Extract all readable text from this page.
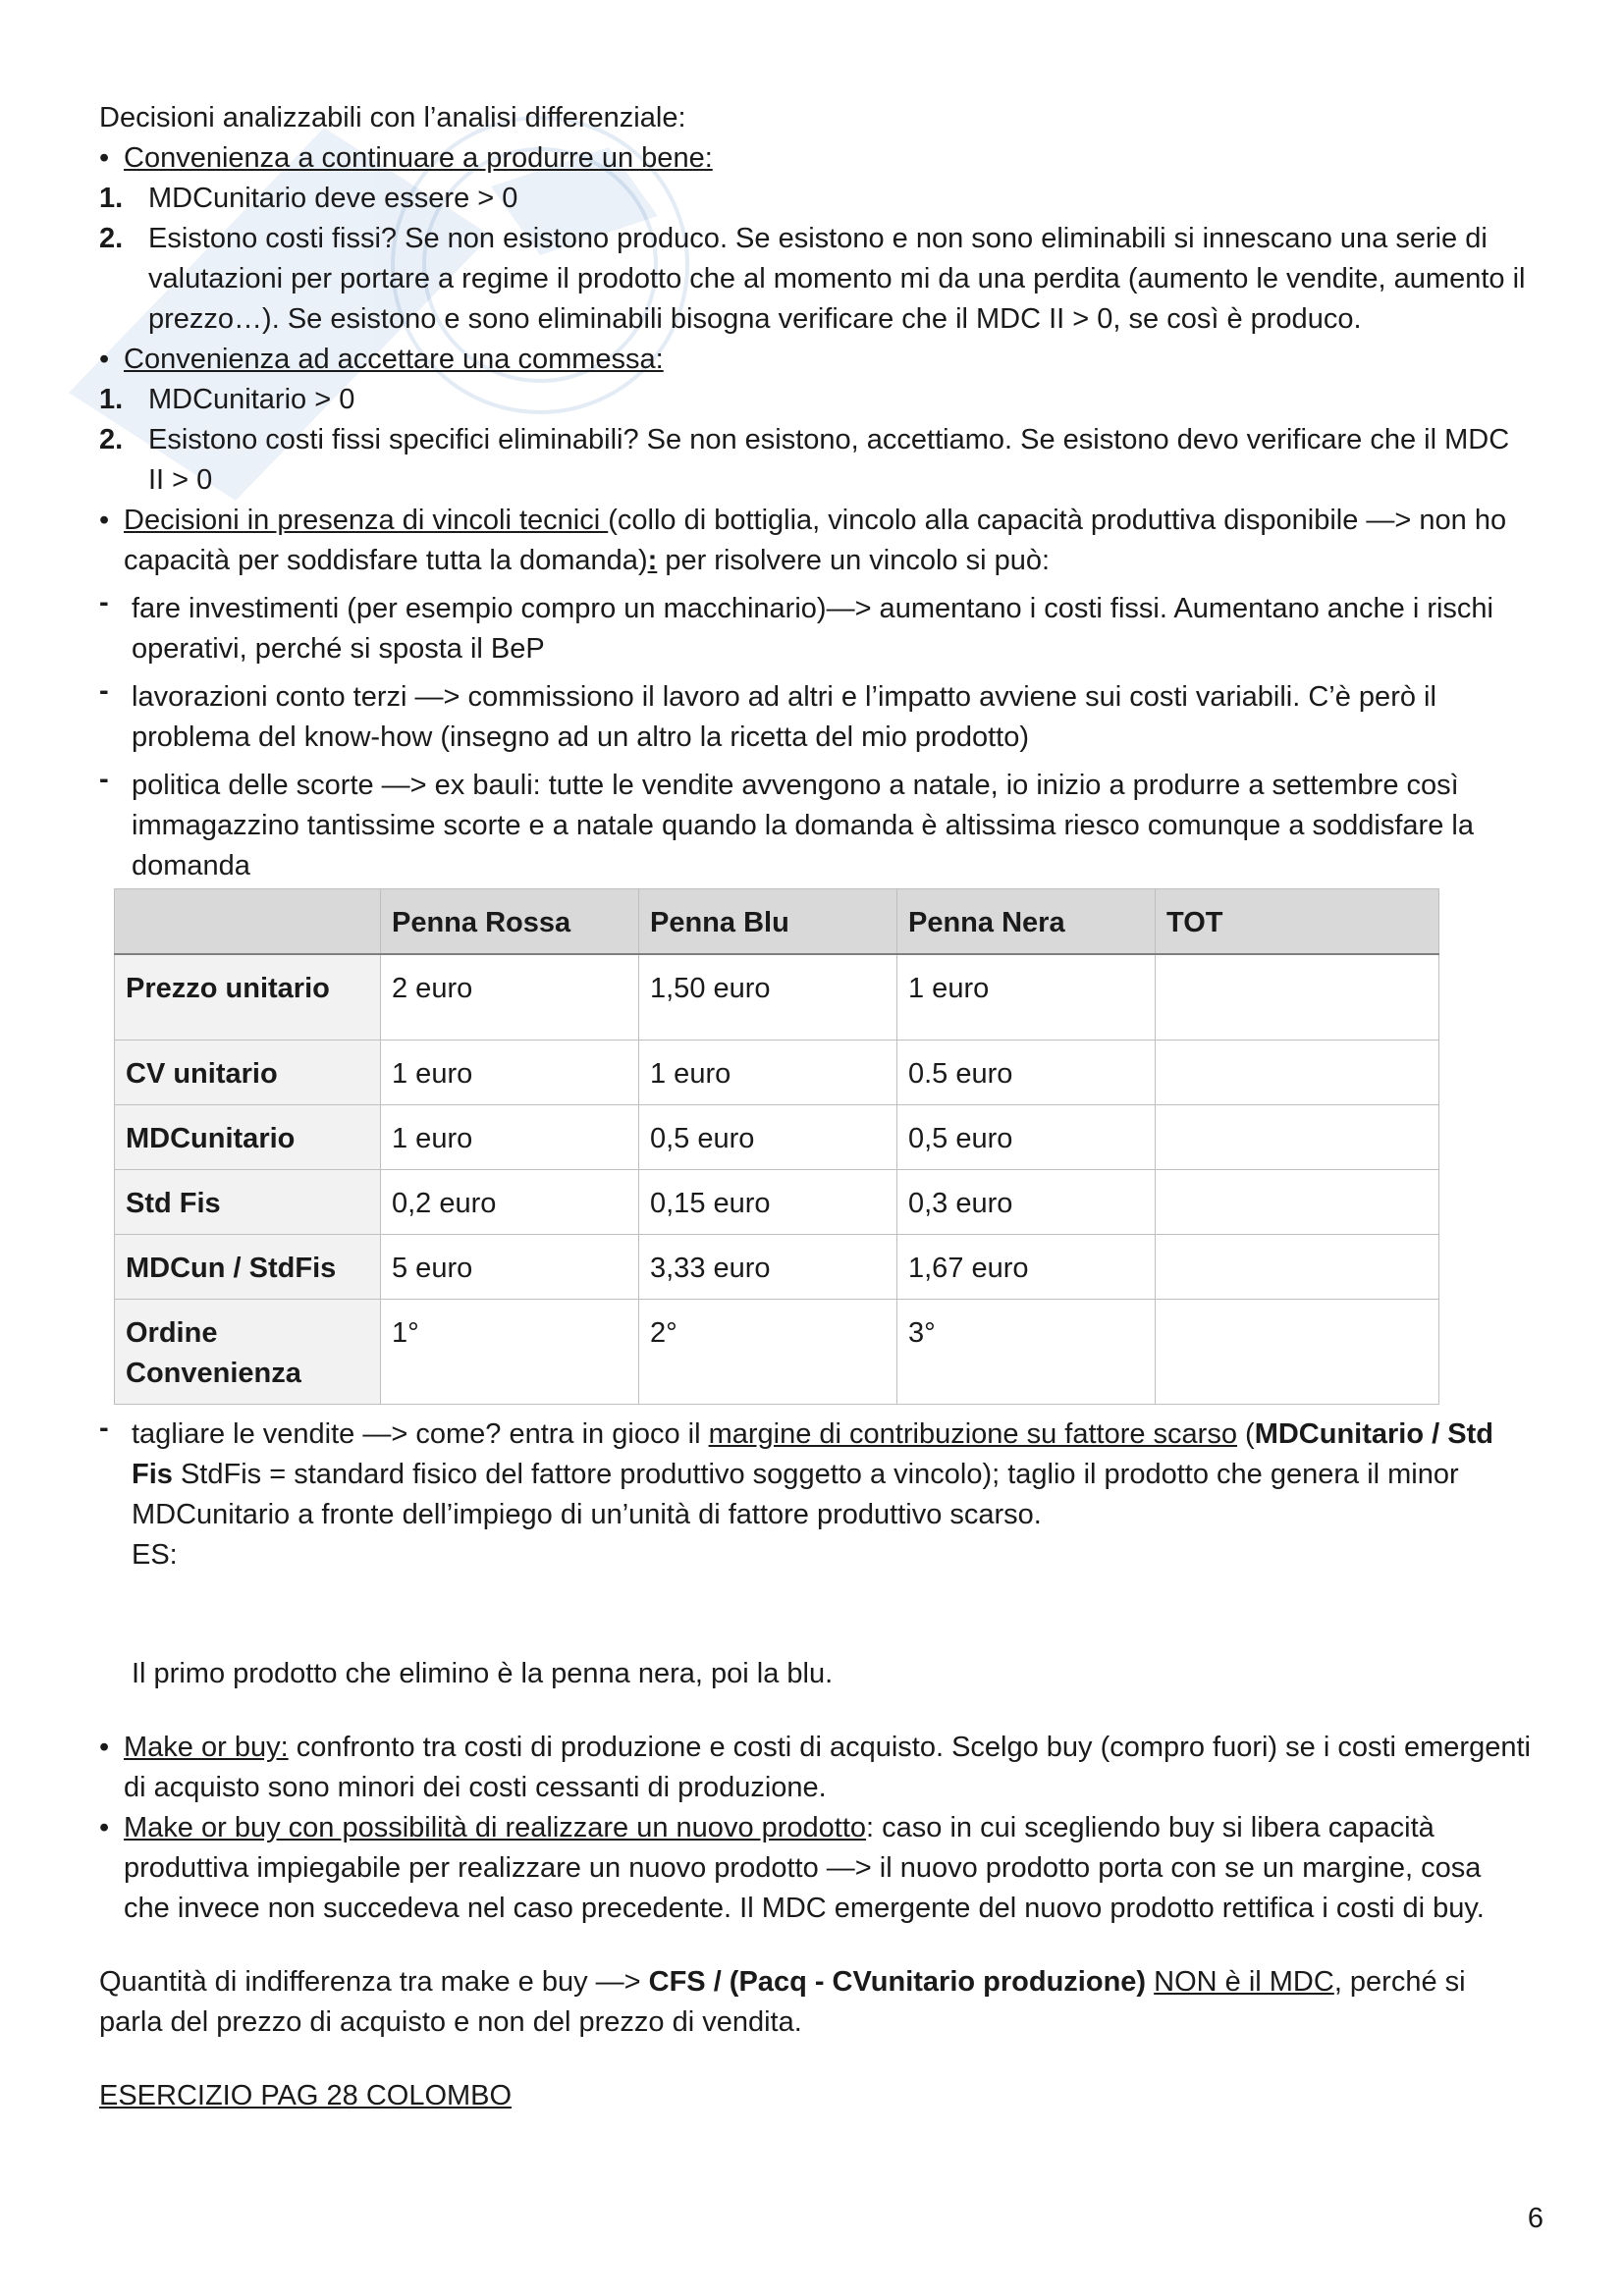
Decisioni analizzabili con l’analisi differenziale:

• Convenienza a continuare a produrre un bene:

1. MDCunitario deve essere > 0

2. Esistono costi fissi? Se non esistono produco. Se esistono e non sono eliminabili si innescano una serie di valutazioni per portare a regime il prodotto che al momento mi da una perdita (aumento le vendite, aumento il prezzo…). Se esistono e sono eliminabili bisogna verificare che il MDC II > 0, se così è produco.

• Convenienza ad accettare una commessa:

1. MDCunitario > 0

2. Esistono costi fissi specifici eliminabili? Se non esistono, accettiamo. Se esistono devo verificare che il MDC II > 0

• Decisioni in presenza di vincoli tecnici (collo di bottiglia, vincolo alla capacità produttiva disponibile —> non ho capacità per soddisfare tutta la domanda): per risolvere un vincolo si può:

- fare investimenti (per esempio compro un macchinario)—> aumentano i costi fissi. Aumentano anche i rischi operativi, perché si sposta il BeP

- lavorazioni conto terzi —> commissiono il lavoro ad altri e l’impatto avviene sui costi variabili. C’è però il problema del know-how (insegno ad un altro la ricetta del mio prodotto)

- politica delle scorte —> ex bauli: tutte le vendite avvengono a natale, io inizio a produrre a settembre così immagazzino tantissime scorte e a natale quando la domanda è altissima riesco comunque a soddisfare la domanda

	Penna Rossa	Penna Blu	Penna Nera	TOT
Prezzo unitario	2 euro	1,50 euro	1 euro	
CV unitario	1 euro	1 euro	0.5 euro	
MDCunitario	1 euro	0,5 euro	0,5 euro	
Std Fis	0,2 euro	0,15 euro	0,3 euro	
MDCun / StdFis	5 euro	3,33 euro	1,67 euro	
Ordine Convenienza	1°	2°	3°	

- tagliare le vendite —> come? entra in gioco il margine di contribuzione su fattore scarso (MDCunitario / Std Fis StdFis = standard fisico del fattore produttivo soggetto a vincolo); taglio il prodotto che genera il minor MDCunitario a fronte dell’impiego di un’unità di fattore produttivo scarso.
ES:

Il primo prodotto che elimino è la penna nera, poi la blu.

• Make or buy: confronto tra costi di produzione e costi di acquisto. Scelgo buy (compro fuori) se i costi emergenti di acquisto sono minori dei costi cessanti di produzione.

• Make or buy con possibilità di realizzare un nuovo prodotto: caso in cui scegliendo buy si libera capacità produttiva impiegabile per realizzare un nuovo prodotto —> il nuovo prodotto porta con se un margine, cosa che invece non succedeva nel caso precedente. Il MDC emergente del nuovo prodotto rettifica i costi di buy.

Quantità di indifferenza tra make e buy —> CFS / (Pacq - CVunitario produzione) NON è il MDC, perché si parla del prezzo di acquisto e non del prezzo di vendita.

ESERCIZIO PAG 28 COLOMBO

6
